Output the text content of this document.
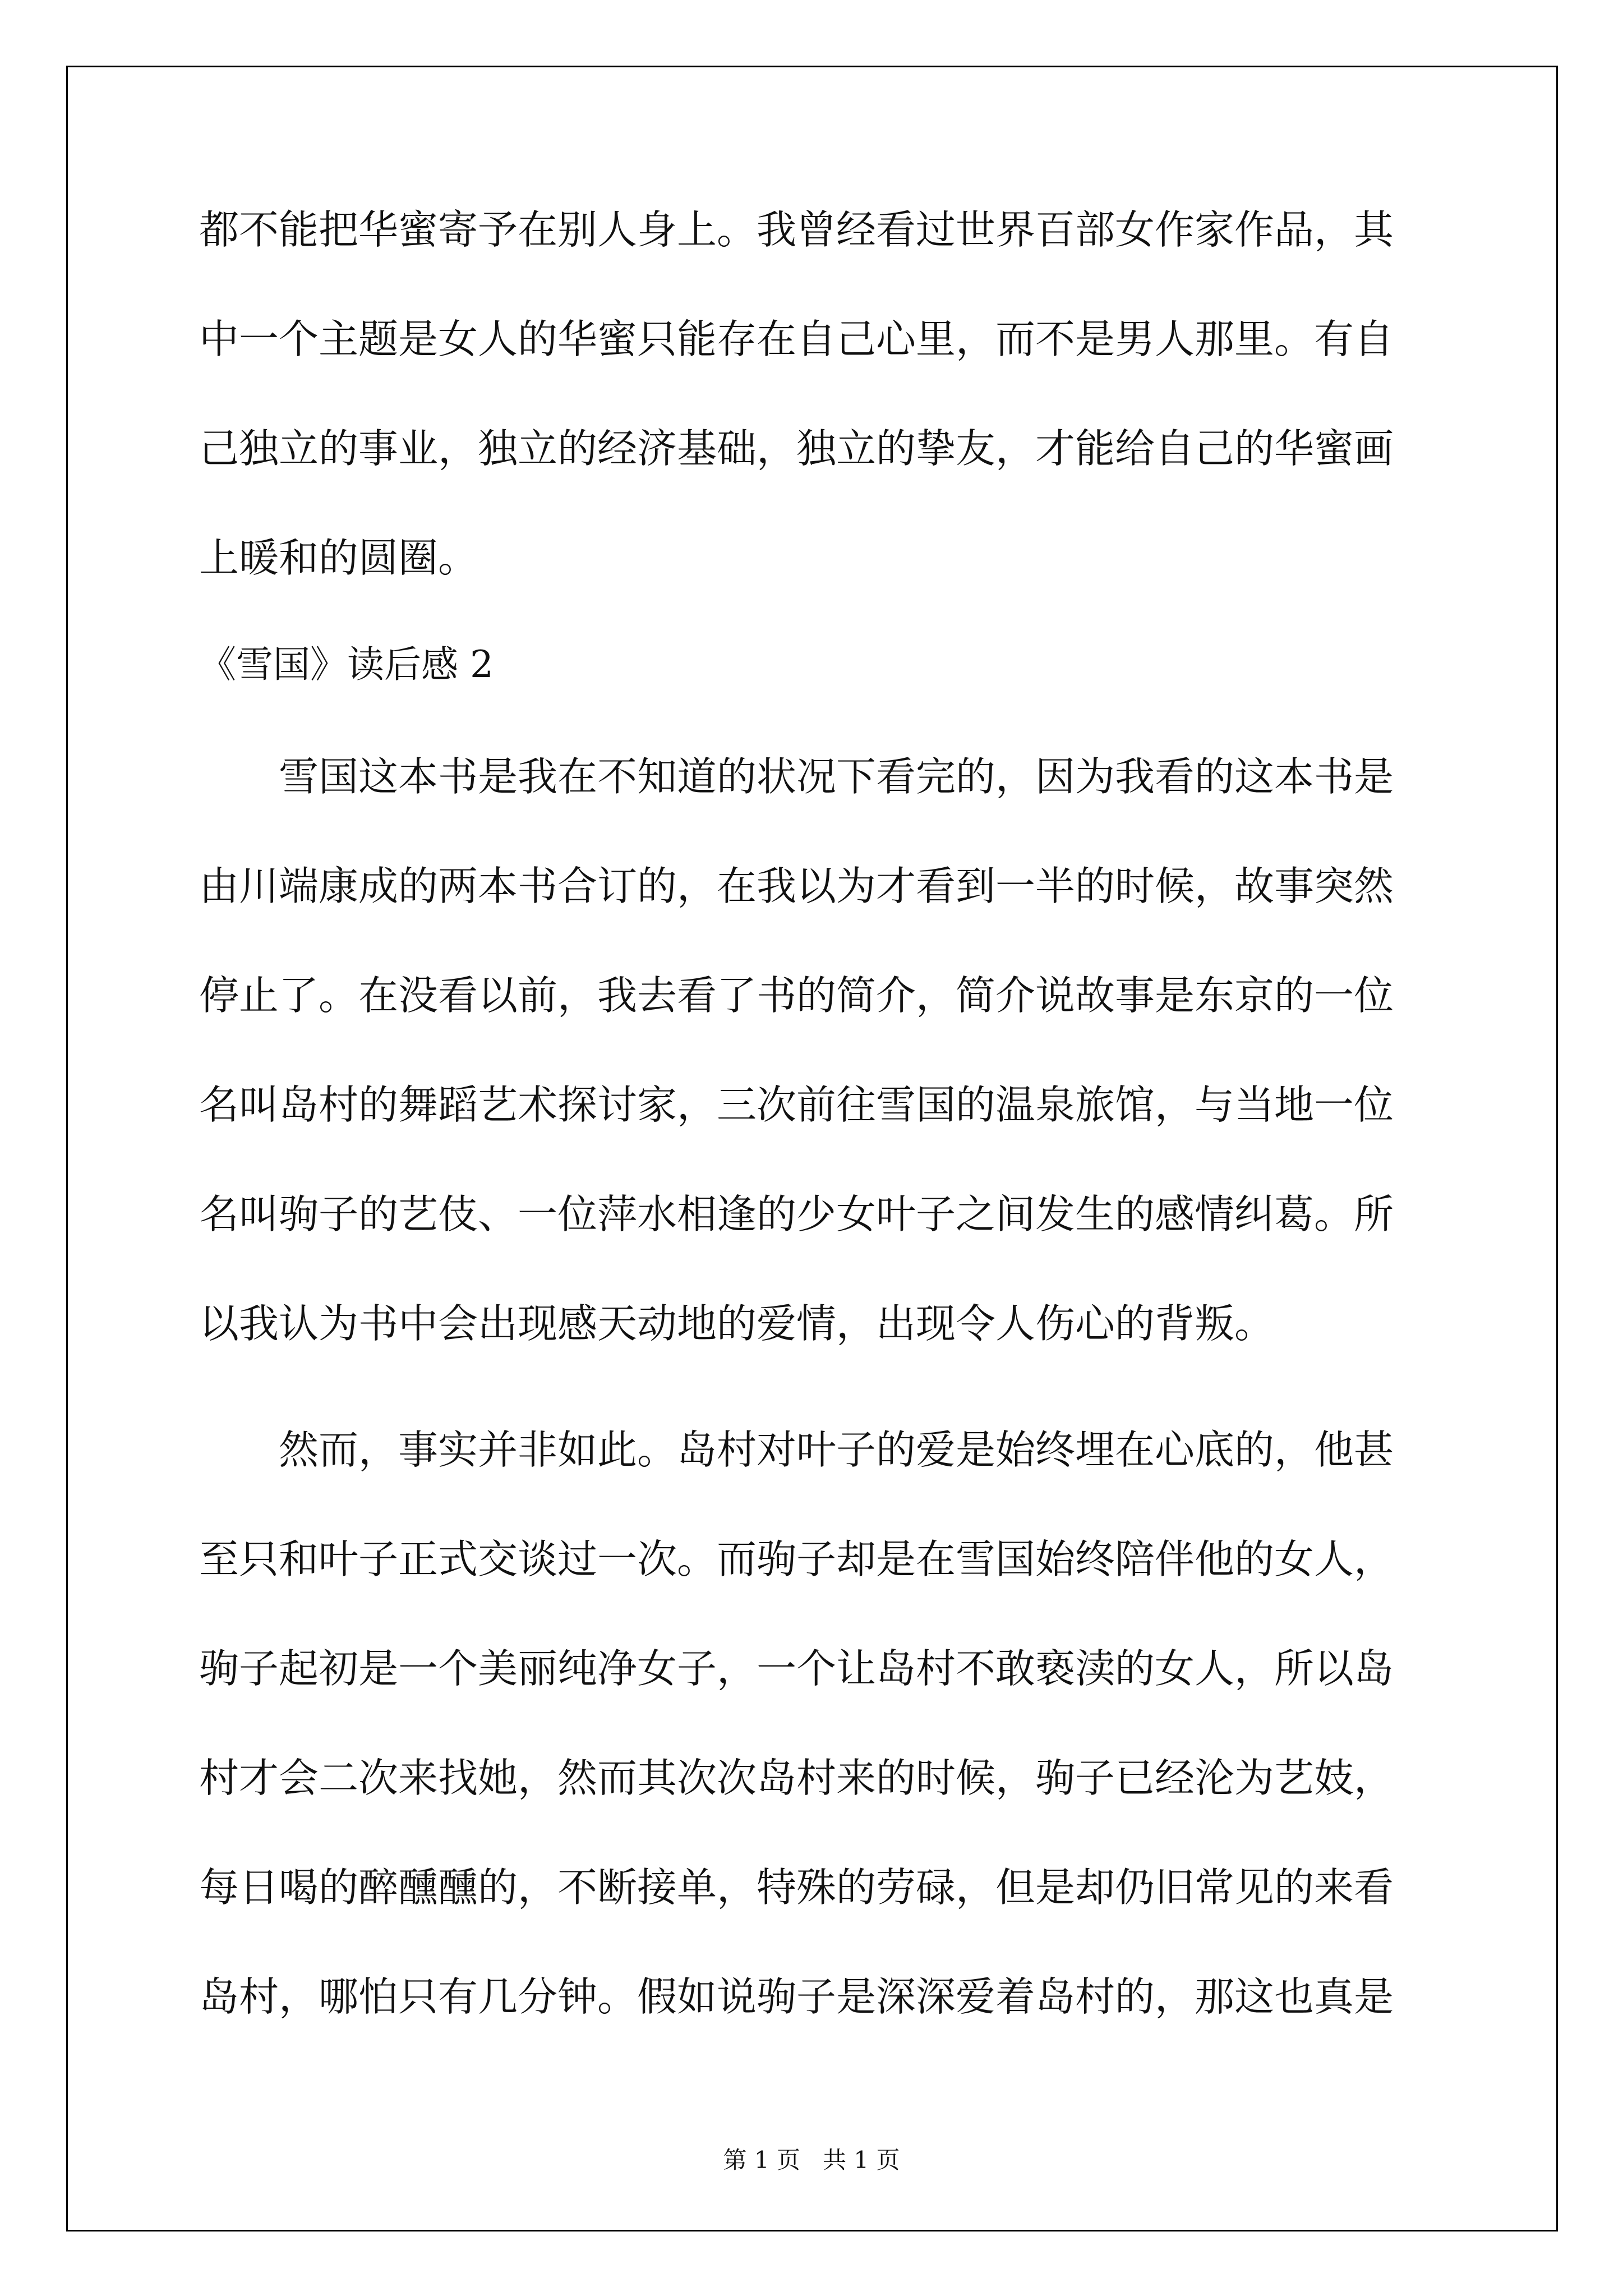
都不能把华蜜寄予在别人身上。我曾经看过世界百部女作家作品，其
中一个主题是女人的华蜜只能存在自己心里，而不是男人那里。有自
己独立的事业，独立的经济基础，独立的挚友，才能给自己的华蜜画
上暖和的圆圈。
《雪国》读后感 2
雪国这本书是我在不知道的状况下看完的，因为我看的这本书是
由川端康成的两本书合订的，在我以为才看到一半的时候，故事突然
停止了。在没看以前，我去看了书的简介，简介说故事是东京的一位
名叫岛村的舞蹈艺术探讨家，三次前往雪国的温泉旅馆，与当地一位
名叫驹子的艺伎、一位萍水相逢的少女叶子之间发生的感情纠葛。所
以我认为书中会出现感天动地的爱情，出现令人伤心的背叛。
然而，事实并非如此。岛村对叶子的爱是始终埋在心底的，他甚
至只和叶子正式交谈过一次。而驹子却是在雪国始终陪伴他的女人，
驹子起初是一个美丽纯净女子，一个让岛村不敢亵渎的女人，所以岛
村才会二次来找她，然而其次次岛村来的时候，驹子已经沦为艺妓，
每日喝的醉醺醺的，不断接单，特殊的劳碌，但是却仍旧常见的来看
岛村，哪怕只有几分钟。假如说驹子是深深爱着岛村的，那这也真是
第 1 页   共 1 页
